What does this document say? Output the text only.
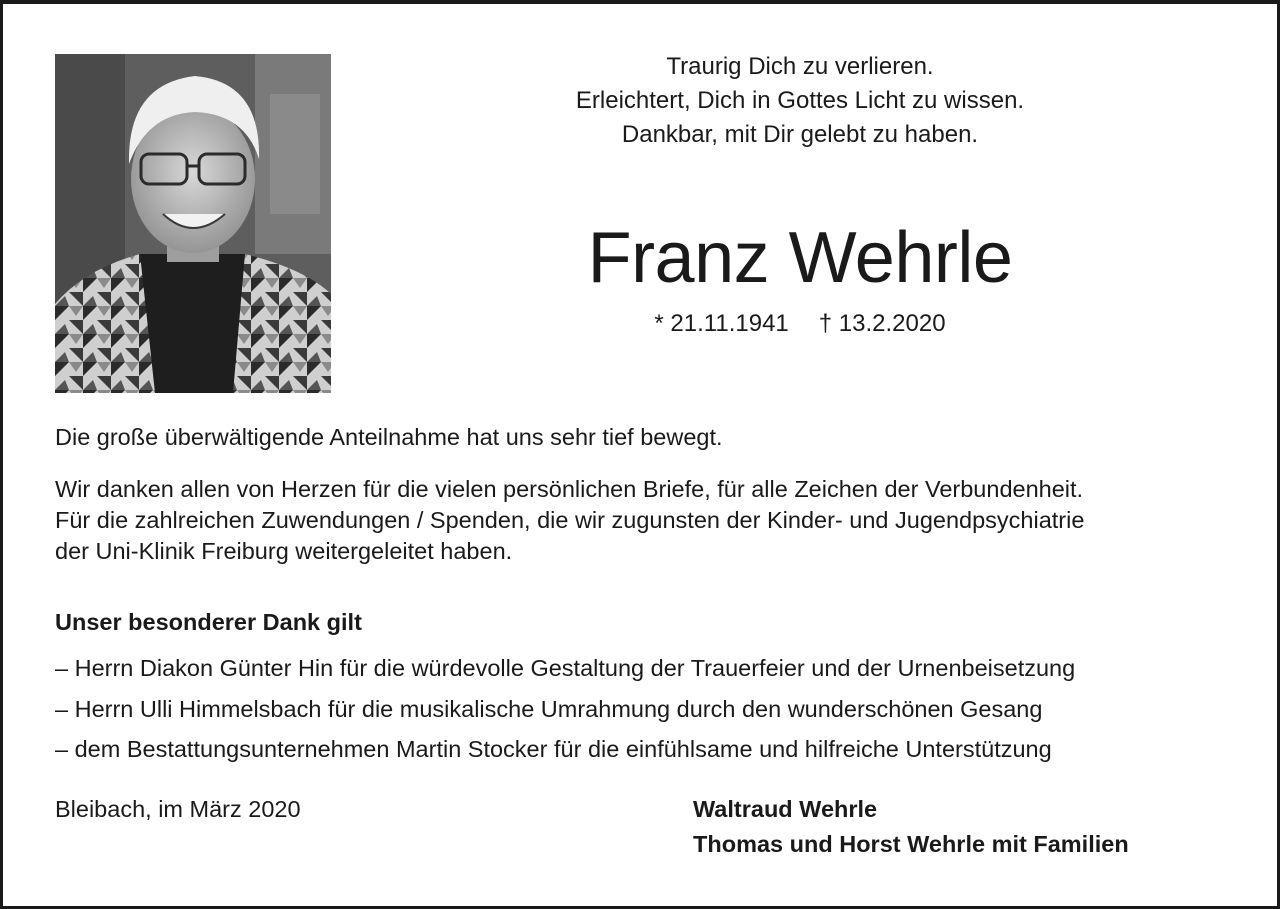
Traurig Dich zu verlieren.
Erleichtert, Dich in Gottes Licht zu wissen.
Dankbar, mit Dir gelebt zu haben.
Franz Wehrle
* 21.11.1941 † 13.2.2020
Die große überwältigende Anteilnahme hat uns sehr tief bewegt.
Wir danken allen von Herzen für die vielen persönlichen Briefe, für alle Zeichen der Verbundenheit.
Für die zahlreichen Zuwendungen / Spenden, die wir zugunsten der Kinder- und Jugendpsychiatrie
der Uni-Klinik Freiburg weitergeleitet haben.
Unser besonderer Dank gilt
– Herrn Diakon Günter Hin für die würdevolle Gestaltung der Trauerfeier und der Urnenbeisetzung
– Herrn Ulli Himmelsbach für die musikalische Umrahmung durch den wunderschönen Gesang
– dem Bestattungsunternehmen Martin Stocker für die einfühlsame und hilfreiche Unterstützung
Bleibach, im März 2020	Waltraud Wehrle
Thomas und Horst Wehrle mit Familien
